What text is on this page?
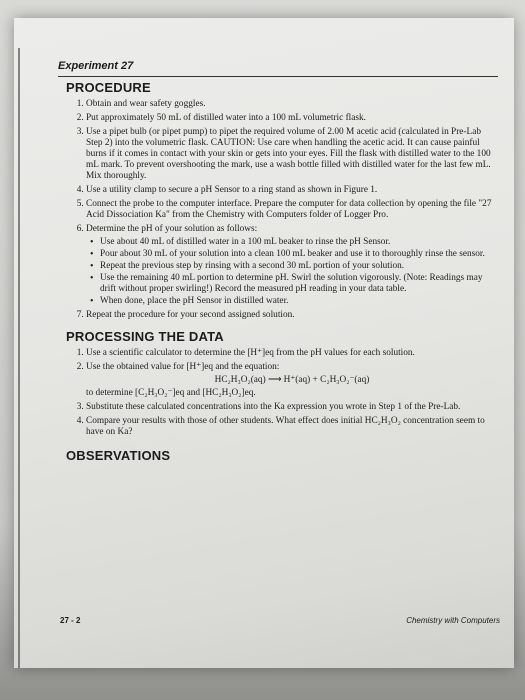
Experiment 27
PROCEDURE
1. Obtain and wear safety goggles.
2. Put approximately 50 mL of distilled water into a 100 mL volumetric flask.
3. Use a pipet bulb (or pipet pump) to pipet the required volume of 2.00 M acetic acid (calculated in Pre-Lab Step 2) into the volumetric flask. CAUTION: Use care when handling the acetic acid. It can cause painful burns if it comes in contact with your skin or gets into your eyes. Fill the flask with distilled water to the 100 mL mark. To prevent overshooting the mark, use a wash bottle filled with distilled water for the last few mL. Mix thoroughly.
4. Use a utility clamp to secure a pH Sensor to a ring stand as shown in Figure 1.
5. Connect the probe to the computer interface. Prepare the computer for data collection by opening the file "27 Acid Dissociation Ka" from the Chemistry with Computers folder of Logger Pro.
6. Determine the pH of your solution as follows:
• Use about 40 mL of distilled water in a 100 mL beaker to rinse the pH Sensor.
• Pour about 30 mL of your solution into a clean 100 mL beaker and use it to thoroughly rinse the sensor.
• Repeat the previous step by rinsing with a second 30 mL portion of your solution.
• Use the remaining 40 mL portion to determine pH. Swirl the solution vigorously. (Note: Readings may drift without proper swirling!) Record the measured pH reading in your data table.
• When done, place the pH Sensor in distilled water.
7. Repeat the procedure for your second assigned solution.
PROCESSING THE DATA
1. Use a scientific calculator to determine the [H⁺]eq from the pH values for each solution.
2. Use the obtained value for [H⁺]eq and the equation:
HC₂H₃O₂(aq) ⟶ H⁺(aq) + C₂H₃O₂⁻(aq)
to determine [C₂H₃O₂⁻]eq and [HC₂H₃O₂]eq.
3. Substitute these calculated concentrations into the Ka expression you wrote in Step 1 of the Pre-Lab.
4. Compare your results with those of other students. What effect does initial HC₂H₃O₂ concentration seem to have on Ka?
OBSERVATIONS
27 - 2	Chemistry with Computers
